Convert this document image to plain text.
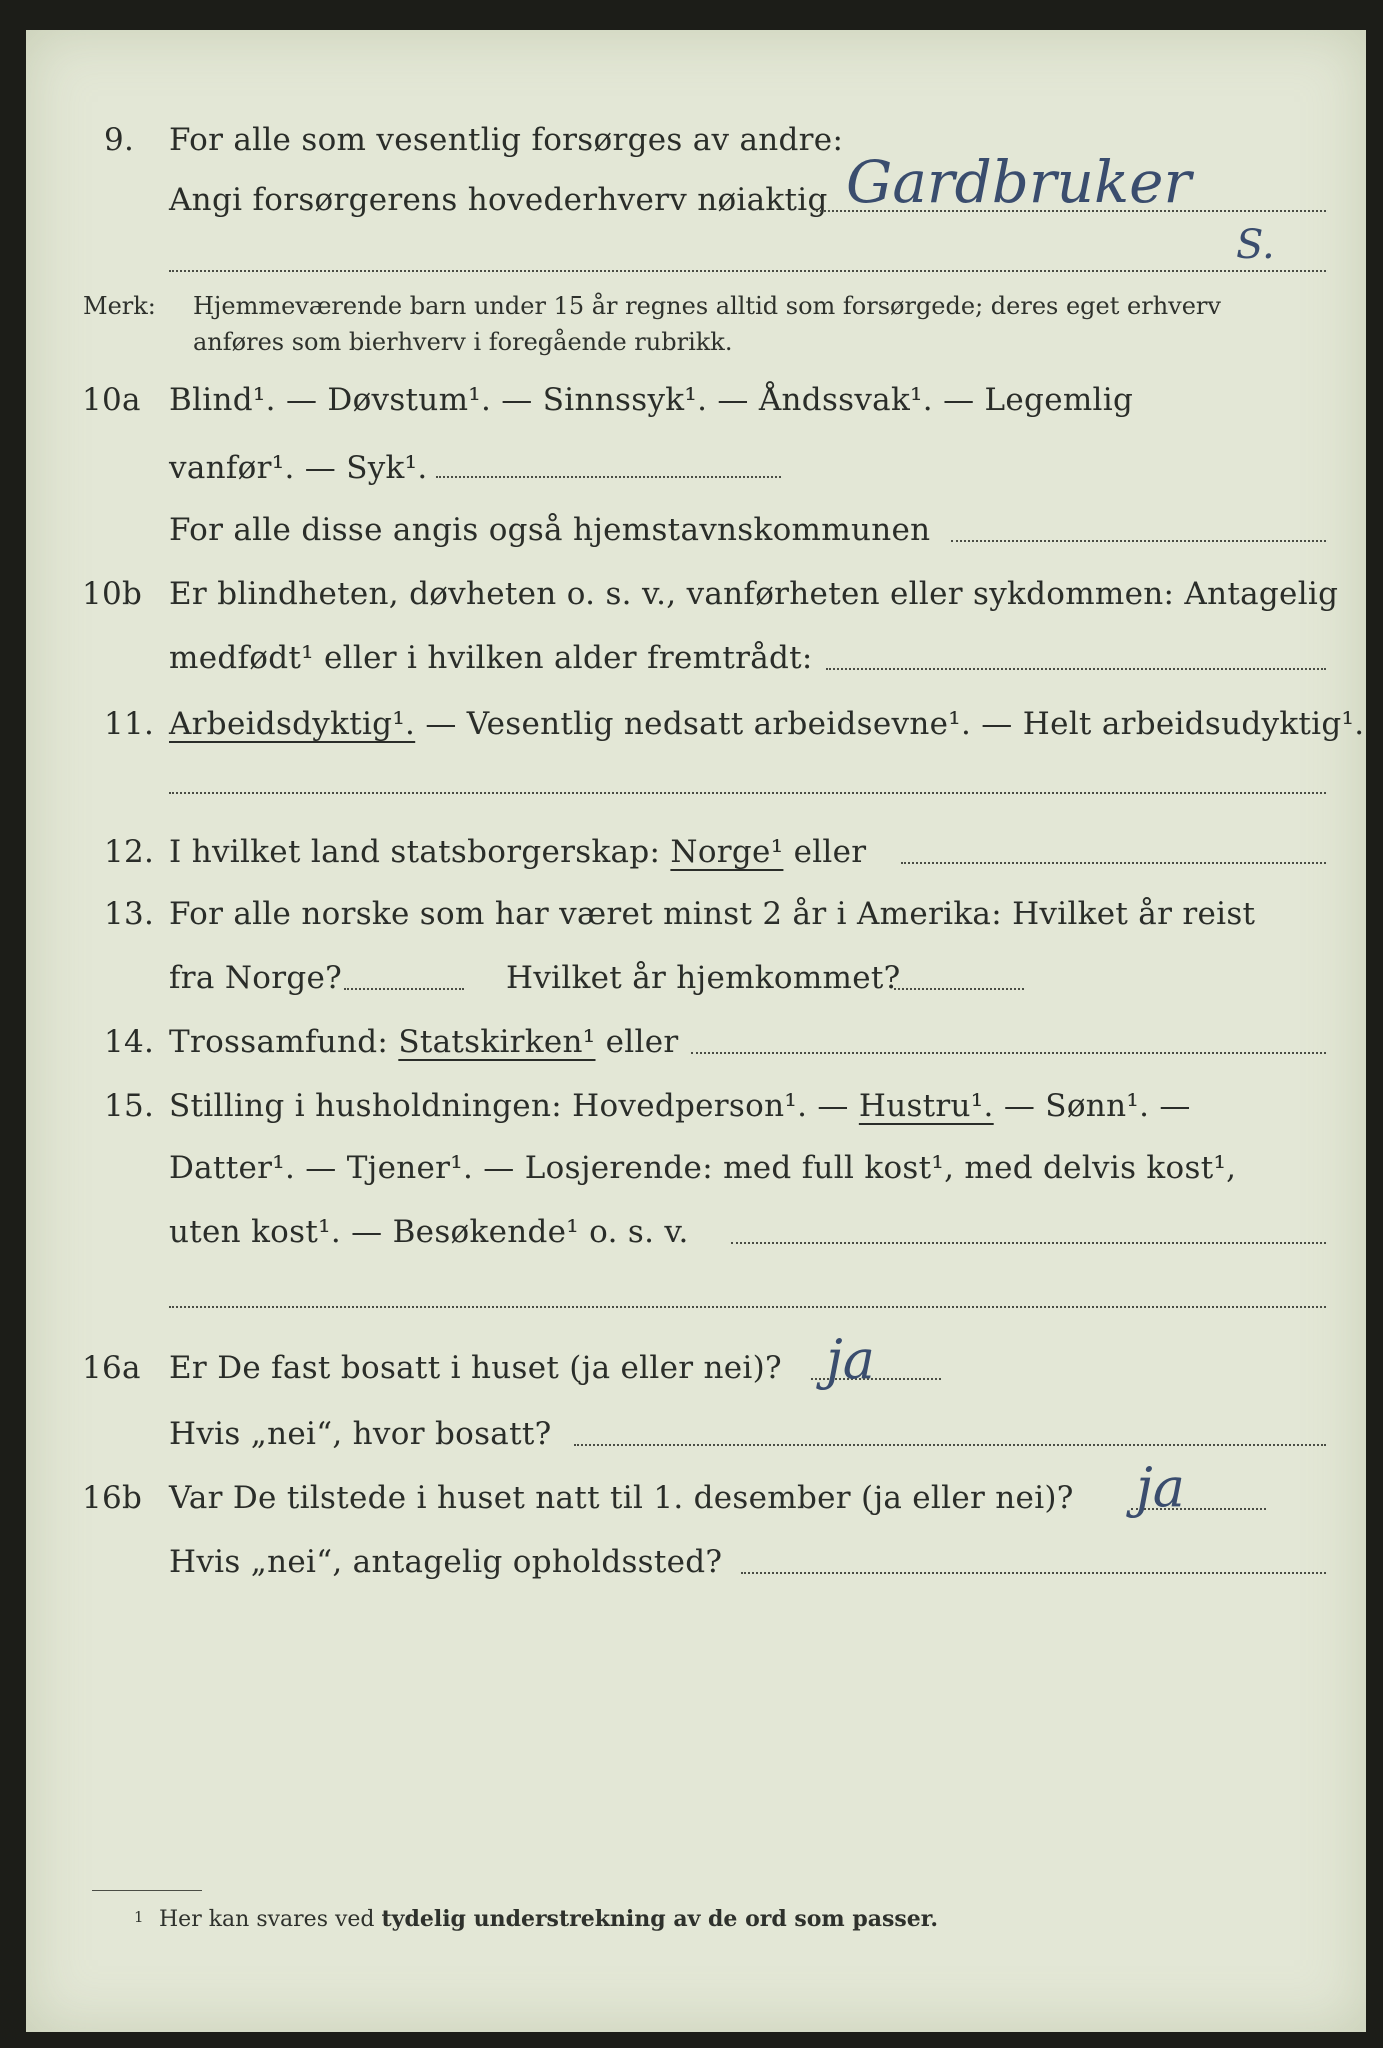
9. For alle som vesentlig forsørges av andre:
Angi forsørgerens hovederhverv nøiaktig Gardbruker
S.
Merk: Hjemmeværende barn under 15 år regnes alltid som forsørgede; deres eget erhverv
anføres som bierhverv i foregående rubrikk.
10a Blind¹. — Døvstum¹. — Sinnssyk¹. — Åndssvak¹. — Legemlig
vanfør¹. — Syk¹.
For alle disse angis også hjemstavnskommunen
10b Er blindheten, døvheten o. s. v., vanførheten eller sykdommen: Antagelig
medfødt¹ eller i hvilken alder fremtrådt:
11. Arbeidsdyktig¹. — Vesentlig nedsatt arbeidsevne¹. — Helt arbeidsudyktig¹.
12. I hvilket land statsborgerskap: Norge¹ eller
13. For alle norske som har været minst 2 år i Amerika: Hvilket år reist
fra Norge?	Hvilket år hjemkommet?
14. Trossamfund: Statskirken¹ eller
15. Stilling i husholdningen: Hovedperson¹. — Hustru¹. — Sønn¹. —
Datter¹. — Tjener¹. — Losjerende: med full kost¹, med delvis kost¹,
uten kost¹. — Besøkende¹ o. s. v.
16a Er De fast bosatt i huset (ja eller nei)? ja
Hvis „nei“, hvor bosatt?
16b Var De tilstede i huset natt til 1. desember (ja eller nei)? ja
Hvis „nei“, antagelig opholdssted?
1 Her kan svares ved tydelig understrekning av de ord som passer.
